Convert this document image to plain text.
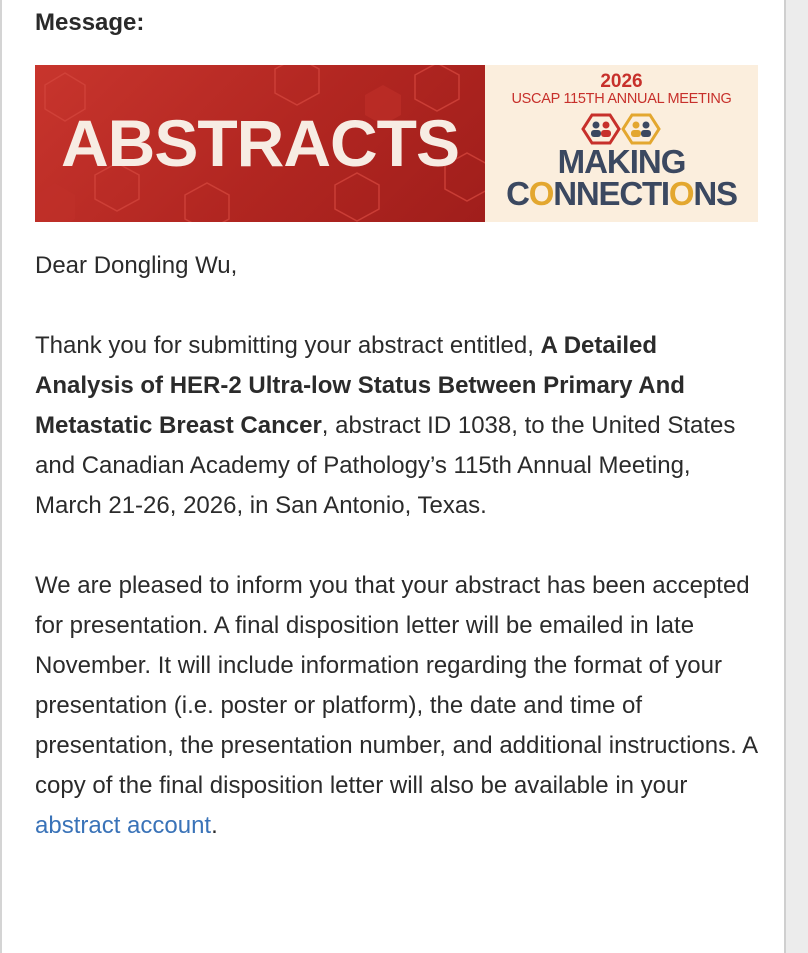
Message:
ABSTRACTS
2026
USCAP 115TH ANNUAL MEETING
MAKING
CONNECTIONS

Dear Dongling Wu,

Thank you for submitting your abstract entitled, A Detailed Analysis of HER-2 Ultra-low Status Between Primary And Metastatic Breast Cancer, abstract ID 1038, to the United States and Canadian Academy of Pathology’s 115th Annual Meeting, March 21-26, 2026, in San Antonio, Texas.

We are pleased to inform you that your abstract has been accepted for presentation. A final disposition letter will be emailed in late November. It will include information regarding the format of your presentation (i.e. poster or platform), the date and time of presentation, the presentation number, and additional instructions. A copy of the final disposition letter will also be available in your abstract account.
